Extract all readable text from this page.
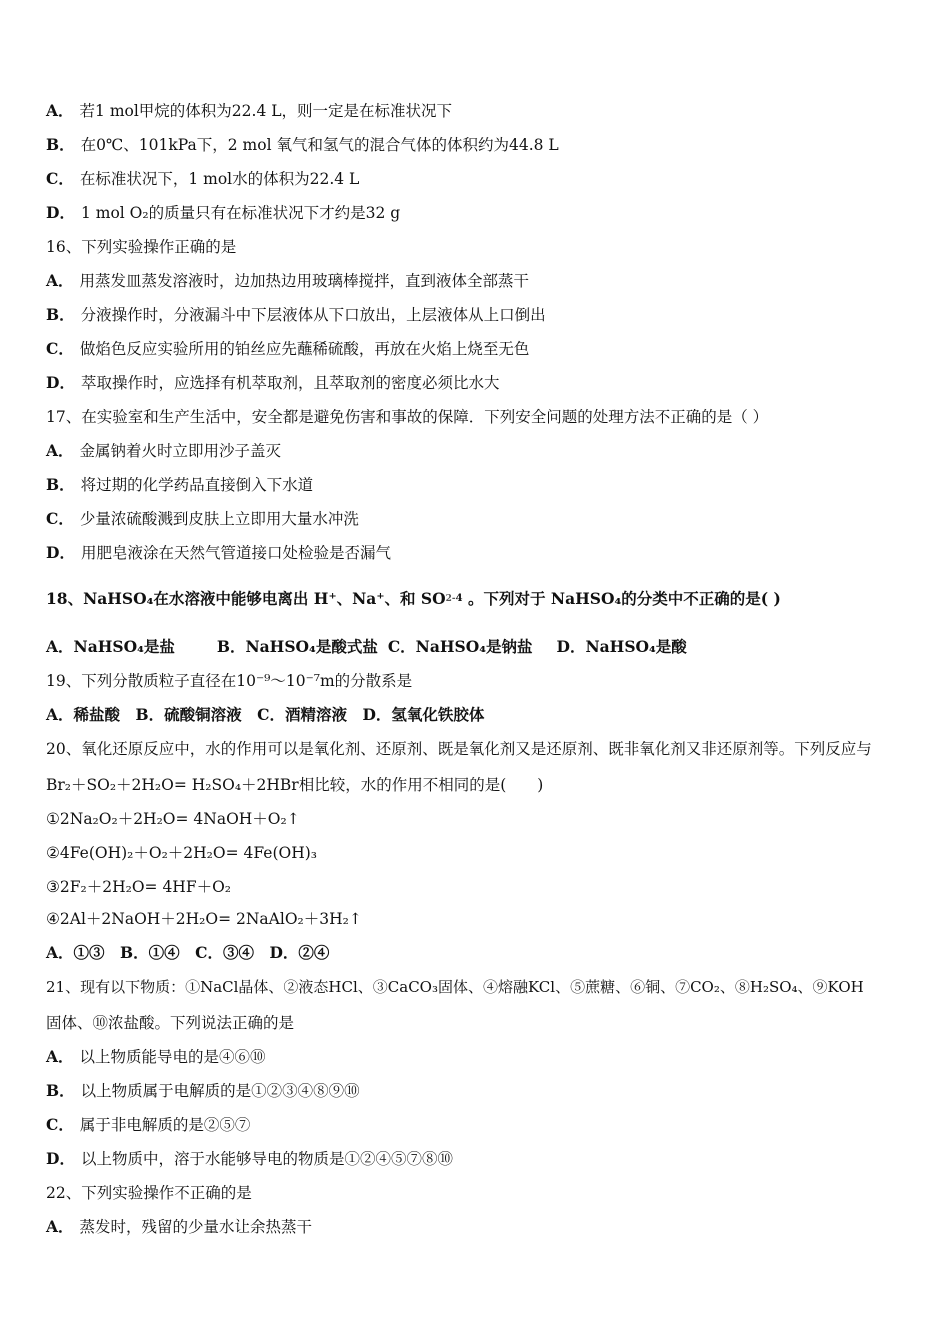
A． 若1 mol甲烷的体积为22.4 L，则一定是在标准状况下
B． 在0℃、101kPa下，2 mol 氧气和氢气的混合气体的体积约为44.8 L
C． 在标准状况下，1 mol水的体积为22.4 L
D． 1 mol O₂的质量只有在标准状况下才约是32 g
16、下列实验操作正确的是
A． 用蒸发皿蒸发溶液时，边加热边用玻璃棒搅拌，直到液体全部蒸干
B． 分液操作时，分液漏斗中下层液体从下口放出，上层液体从上口倒出
C． 做焰色反应实验所用的铂丝应先蘸稀硫酸，再放在火焰上烧至无色
D． 萃取操作时，应选择有机萃取剂，且萃取剂的密度必须比水大
17、在实验室和生产生活中，安全都是避免伤害和事故的保障．下列安全问题的处理方法不正确的是（ ）
A． 金属钠着火时立即用沙子盖灭
B． 将过期的化学药品直接倒入下水道
C． 少量浓硫酸溅到皮肤上立即用大量水冲洗
D． 用肥皂液涂在天然气管道接口处检验是否漏气
18、NaHSO₄在水溶液中能够电离出 H⁺、Na⁺、和 $SO^{2-}4$ 。下列对于 NaHSO₄的分类中不正确的是( )
A．NaHSO₄是盐	B．NaHSO₄是酸式盐 C．NaHSO₄是钠盐 D．NaHSO₄是酸
19、下列分散质粒子直径在10⁻⁹～10⁻⁷m的分散系是
A．稀盐酸　B．硫酸铜溶液　C．酒精溶液　D．氢氧化铁胶体
20、氧化还原反应中，水的作用可以是氧化剂、还原剂、既是氧化剂又是还原剂、既非氧化剂又非还原剂等。下列反应与
Br₂＋SO₂＋2H₂O= H₂SO₄＋2HBr相比较，水的作用不相同的是(　　)
①2Na₂O₂＋2H₂O= 4NaOH＋O₂↑
②4Fe(OH)₂＋O₂＋2H₂O= 4Fe(OH)₃
③2F₂＋2H₂O= 4HF＋O₂
④2Al＋2NaOH＋2H₂O= 2NaAlO₂＋3H₂↑
A．①③　B．①④　C．③④　D．②④
21、现有以下物质：①NaCl晶体、②液态HCl、③CaCO₃固体、④熔融KCl、⑤蔗糖、⑥铜、⑦CO₂、⑧H₂SO₄、⑨KOH
固体、⑩浓盐酸。下列说法正确的是
A． 以上物质能导电的是④⑥⑩
B． 以上物质属于电解质的是①②③④⑧⑨⑩
C． 属于非电解质的是②⑤⑦
D． 以上物质中，溶于水能够导电的物质是①②④⑤⑦⑧⑩
22、下列实验操作不正确的是
A． 蒸发时，残留的少量水让余热蒸干
